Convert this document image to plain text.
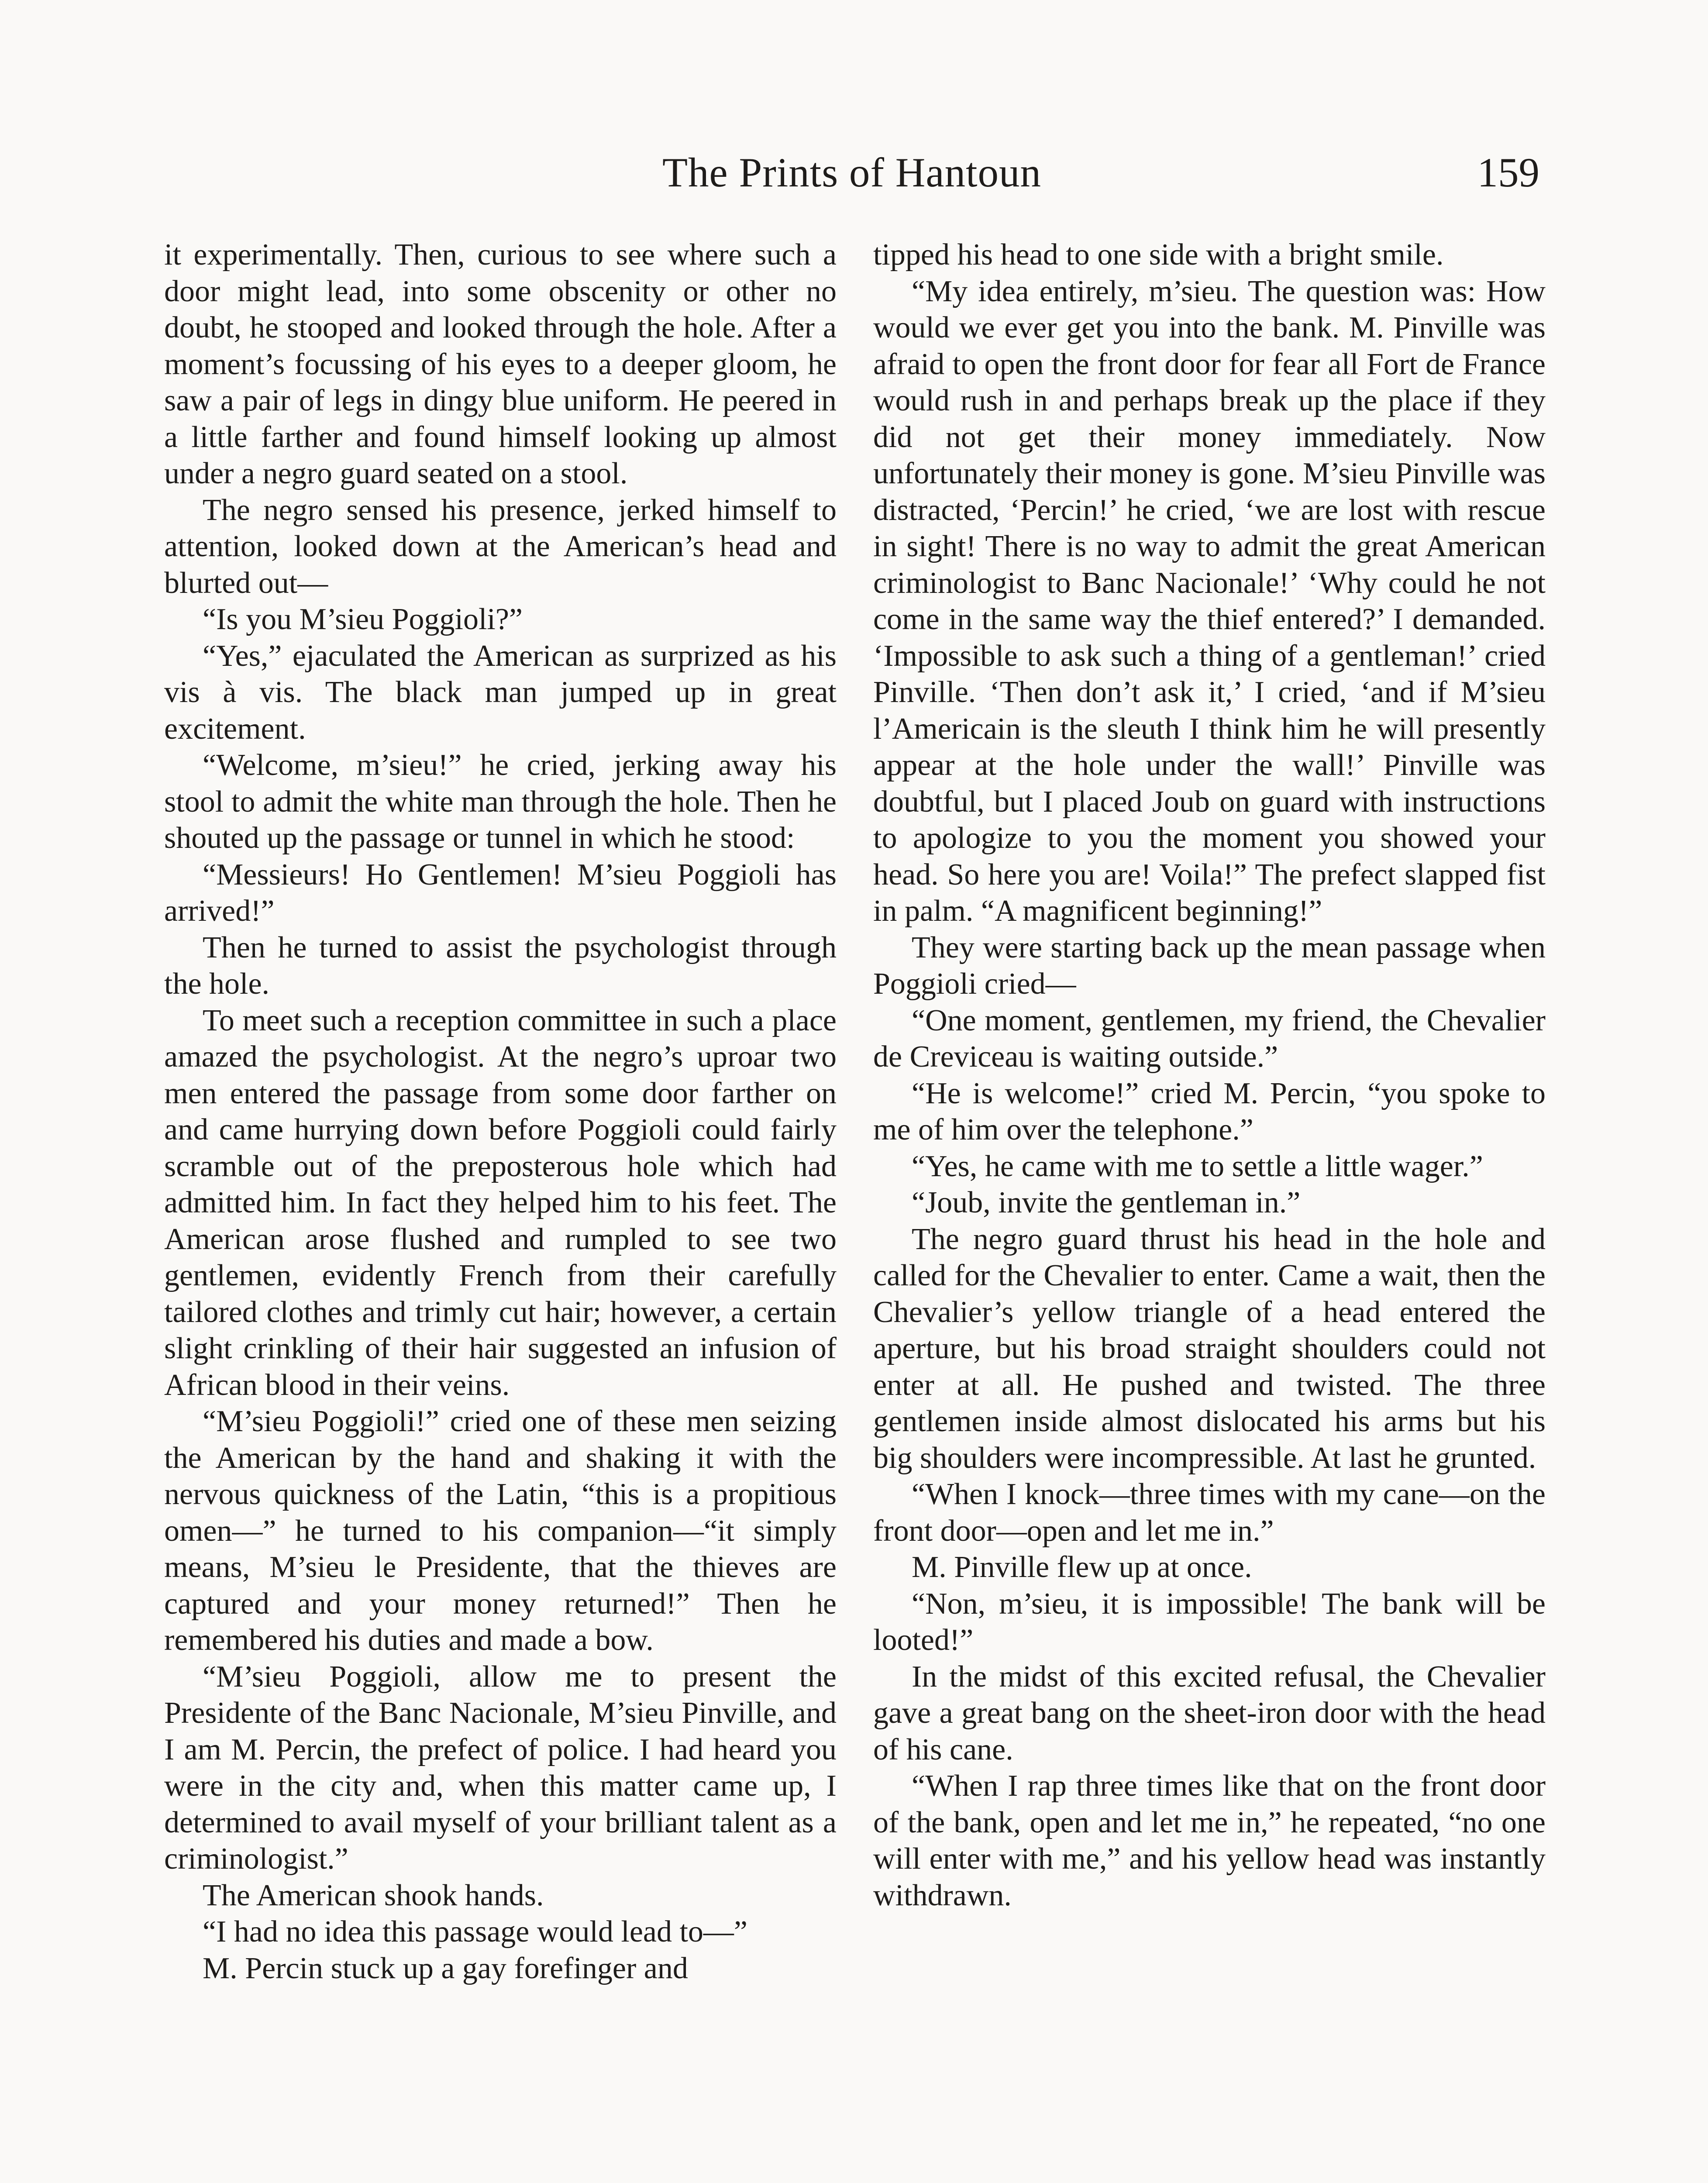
The Prints of Hantoun	159

it experimentally. Then, curious to see where such a door might lead, into some obscenity or other no doubt, he stooped and looked through the hole. After a moment’s focussing of his eyes to a deeper gloom, he saw a pair of legs in dingy blue uniform. He peered in a little farther and found himself looking up almost under a negro guard seated on a stool.

The negro sensed his presence, jerked himself to attention, looked down at the American’s head and blurted out—

“Is you M’sieu Poggioli?”

“Yes,” ejaculated the American as surprized as his vis à vis. The black man jumped up in great excitement.

“Welcome, m’sieu!” he cried, jerking away his stool to admit the white man through the hole. Then he shouted up the passage or tunnel in which he stood:

“Messieurs! Ho Gentlemen! M’sieu Poggioli has arrived!”

Then he turned to assist the psychologist through the hole.

To meet such a reception committee in such a place amazed the psychologist. At the negro’s uproar two men entered the passage from some door farther on and came hurrying down before Poggioli could fairly scramble out of the preposterous hole which had admitted him. In fact they helped him to his feet. The American arose flushed and rumpled to see two gentlemen, evidently French from their carefully tailored clothes and trimly cut hair; however, a certain slight crinkling of their hair suggested an infusion of African blood in their veins.

“M’sieu Poggioli!” cried one of these men seizing the American by the hand and shaking it with the nervous quickness of the Latin, “this is a propitious omen—” he turned to his companion—“it simply means, M’sieu le Presidente, that the thieves are captured and your money returned!” Then he remembered his duties and made a bow.

“M’sieu Poggioli, allow me to present the Presidente of the Banc Nacionale, M’sieu Pinville, and I am M. Percin, the prefect of police. I had heard you were in the city and, when this matter came up, I determined to avail myself of your brilliant talent as a criminologist.”

The American shook hands.

“I had no idea this passage would lead to—”

M. Percin stuck up a gay forefinger and

tipped his head to one side with a bright smile.

“My idea entirely, m’sieu. The question was: How would we ever get you into the bank. M. Pinville was afraid to open the front door for fear all Fort de France would rush in and perhaps break up the place if they did not get their money immediately. Now unfortunately their money is gone. M’sieu Pinville was distracted, ‘Percin!’ he cried, ‘we are lost with rescue in sight! There is no way to admit the great American criminologist to Banc Nacionale!’ ‘Why could he not come in the same way the thief entered?’ I demanded. ‘Impossible to ask such a thing of a gentleman!’ cried Pinville. ‘Then don’t ask it,’ I cried, ‘and if M’sieu l’Americain is the sleuth I think him he will presently appear at the hole under the wall!’ Pinville was doubtful, but I placed Joub on guard with instructions to apologize to you the moment you showed your head. So here you are! Voila!” The prefect slapped fist in palm. “A magnificent beginning!”

They were starting back up the mean passage when Poggioli cried—

“One moment, gentlemen, my friend, the Chevalier de Creviceau is waiting outside.”

“He is welcome!” cried M. Percin, “you spoke to me of him over the telephone.”

“Yes, he came with me to settle a little wager.”

“Joub, invite the gentleman in.”

The negro guard thrust his head in the hole and called for the Chevalier to enter. Came a wait, then the Chevalier’s yellow triangle of a head entered the aperture, but his broad straight shoulders could not enter at all. He pushed and twisted. The three gentlemen inside almost dislocated his arms but his big shoulders were incompressible. At last he grunted.

“When I knock—three times with my cane—on the front door—open and let me in.”

M. Pinville flew up at once.

“Non, m’sieu, it is impossible! The bank will be looted!”

In the midst of this excited refusal, the Chevalier gave a great bang on the sheet-iron door with the head of his cane.

“When I rap three times like that on the front door of the bank, open and let me in,” he repeated, “no one will enter with me,” and his yellow head was instantly withdrawn.
